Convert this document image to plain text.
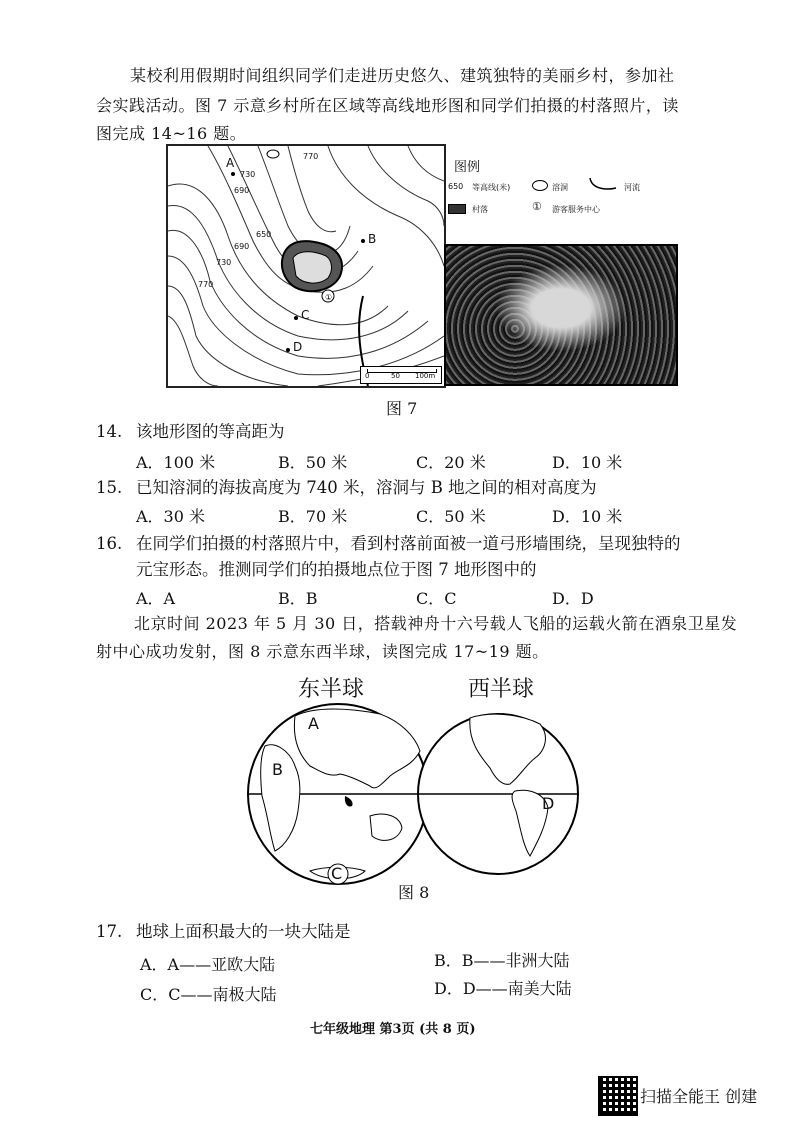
某校利用假期时间组织同学们走进历史悠久、建筑独特的美丽乡村，参加社
会实践活动。图 7 示意乡村所在区域等高线地形图和同学们拍摄的村落照片，读
图完成 14~16 题。
①
A
B
C
D
770
730
690
650
690
730
770
0	50 100m
图例
650 等高线(米)	溶洞	河流
村落	① 游客服务中心
图 7
14. 该地形图的等高距为
A．100 米	B．50 米	C．20 米	D．10 米
15. 已知溶洞的海拔高度为 740 米，溶洞与 B 地之间的相对高度为
A．30 米	B．70 米	C．50 米	D．10 米
16. 在同学们拍摄的村落照片中，看到村落前面被一道弓形墙围绕，呈现独特的
元宝形态。推测同学们的拍摄地点位于图 7 地形图中的
A．A	B．B	C．C	D．D
北京时间 2023 年 5 月 30 日，搭载神舟十六号载人飞船的运载火箭在酒泉卫星发
射中心成功发射，图 8 示意东西半球，读图完成 17~19 题。
东半球	西半球
A
B
C
D
图 8
17. 地球上面积最大的一块大陆是
A．A——亚欧大陆	B．B——非洲大陆
C．C——南极大陆	D．D——南美大陆
七年级地理 第3页 (共 8 页)
扫描全能王 创建
